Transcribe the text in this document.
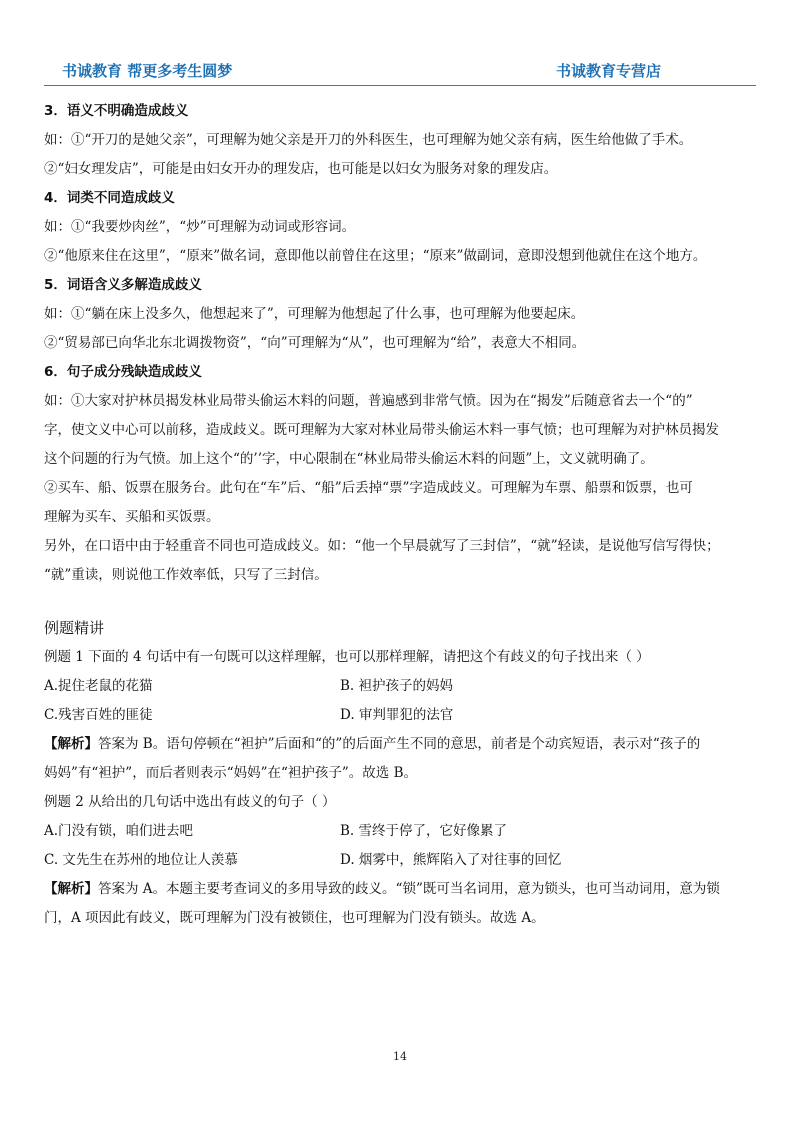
书诚教育 帮更多考生圆梦	书诚教育专营店

3．语义不明确造成歧义

如：①“开刀的是她父亲”，可理解为她父亲是开刀的外科医生，也可理解为她父亲有病，医生给他做了手术。

②“妇女理发店”，可能是由妇女开办的理发店，也可能是以妇女为服务对象的理发店。

4．词类不同造成歧义

如：①“我要炒肉丝”，“炒”可理解为动词或形容词。

②“他原来住在这里”，“原来”做名词，意即他以前曾住在这里；“原来”做副词，意即没想到他就住在这个地方。

5．词语含义多解造成歧义

如：①“躺在床上没多久，他想起来了”，可理解为他想起了什么事，也可理解为他要起床。

②“贸易部已向华北东北调拨物资”，“向”可理解为“从”，也可理解为“给”，表意大不相同。

6．句子成分残缺造成歧义

如：①大家对护林员揭发林业局带头偷运木料的问题，普遍感到非常气愤。因为在“揭发”后随意省去一个“的”

字，使文义中心可以前移，造成歧义。既可理解为大家对林业局带头偷运木料一事气愤；也可理解为对护林员揭发

这个问题的行为气愤。加上这个“的’’字，中心限制在“林业局带头偷运木料的问题”上，文义就明确了。

②买车、船、饭票在服务台。此句在“车”后、“船”后丢掉“票”字造成歧义。可理解为车票、船票和饭票，也可

理解为买车、买船和买饭票。

另外，在口语中由于轻重音不同也可造成歧义。如：“他一个早晨就写了三封信”，“就”轻读，是说他写信写得快；

“就”重读，则说他工作效率低，只写了三封信。

例题精讲

例题 1 下面的 4 句话中有一句既可以这样理解，也可以那样理解，请把这个有歧义的句子找出来（ ）

A.捉住老鼠的花猫	B. 袒护孩子的妈妈
C.残害百姓的匪徒	D. 审判罪犯的法官

【解析】答案为 B。语句停顿在“袒护”后面和“的”的后面产生不同的意思，前者是个动宾短语，表示对“孩子的

妈妈”有“袒护”，而后者则表示“妈妈”在“袒护孩子”。故选 B。

例题 2 从给出的几句话中选出有歧义的句子（ ）

A.门没有锁，咱们进去吧	B. 雪终于停了，它好像累了
C. 文先生在苏州的地位让人羡慕	D. 烟雾中，熊辉陷入了对往事的回忆

【解析】答案为 A。本题主要考查词义的多用导致的歧义。“锁”既可当名词用，意为锁头，也可当动词用，意为锁

门，A 项因此有歧义，既可理解为门没有被锁住，也可理解为门没有锁头。故选 A。

14
